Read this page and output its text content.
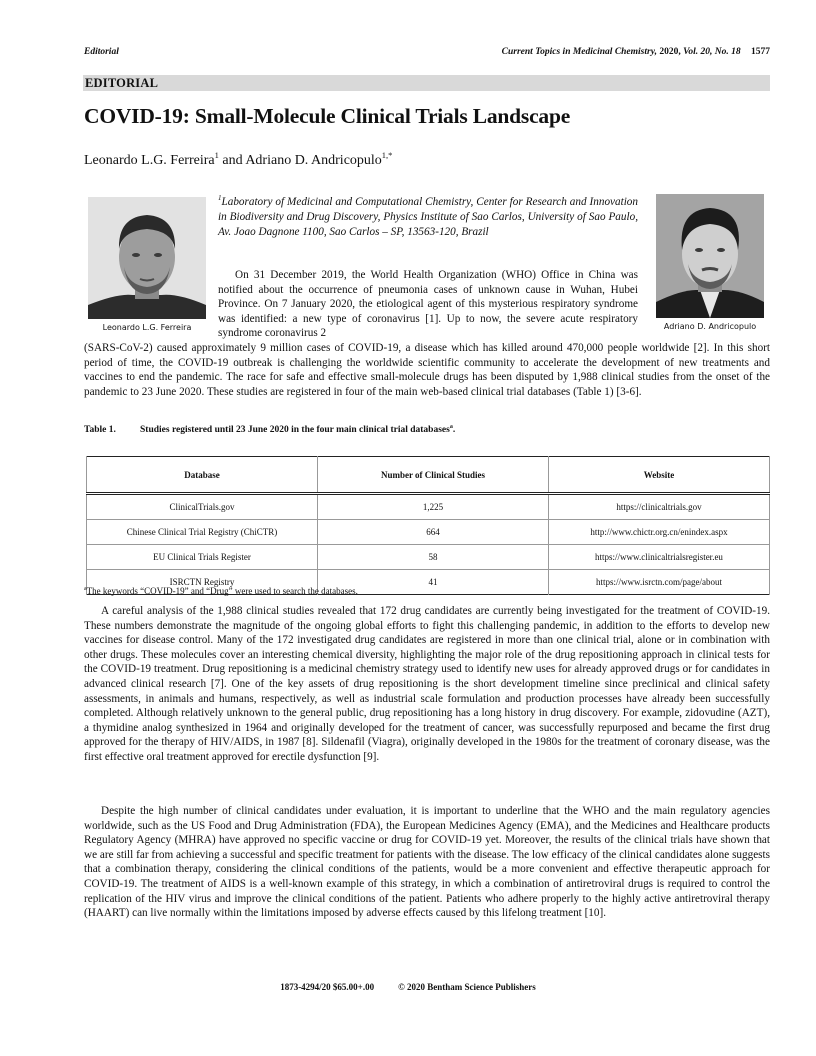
Editorial	Current Topics in Medicinal Chemistry, 2020, Vol. 20, No. 18 1577
EDITORIAL
COVID-19: Small-Molecule Clinical Trials Landscape
Leonardo L.G. Ferreira$^1$ and Adriano D. Andricopulo$^{1,*}$
Leonardo L.G. Ferreira
$^1$Laboratory of Medicinal and Computational Chemistry, Center for Research and Innovation in Biodiversity and Drug Discovery, Physics Institute of Sao Carlos, University of Sao Paulo, Av. Joao Dagnone 1100, Sao Carlos – SP, 13563-120, Brazil
On 31 December 2019, the World Health Organization (WHO) Office in China was notified about the occurrence of pneumonia cases of unknown cause in Wuhan, Hubei Province. On 7 January 2020, the etiological agent of this mysterious respiratory syndrome was identified: a new type of coronavirus [1]. Up to now, the severe acute respiratory syndrome coronavirus 2
Adriano D. Andricopulo
(SARS-CoV-2) caused approximately 9 million cases of COVID-19, a disease which has killed around 470,000 people worldwide [2]. In this short period of time, the COVID-19 outbreak is challenging the worldwide scientific community to accelerate the development of new treatments and vaccines to end the pandemic. The race for safe and effective small-molecule drugs has been disputed by 1,988 clinical studies from the onset of the pandemic to 23 June 2020. These studies are registered in four of the main web-based clinical trial databases (Table 1) [3-6].
Table 1.	Studies registered until 23 June 2020 in the four main clinical trial databases$^a$.
Database	Number of Clinical Studies	Website
ClinicalTrials.gov	1,225	https://clinicaltrials.gov
Chinese Clinical Trial Registry (ChiCTR)	664	http://www.chictr.org.cn/enindex.aspx
EU Clinical Trials Register	58	https://www.clinicaltrialsregister.eu
ISRCTN Registry	41	https://www.isrctn.com/page/about
$^a$The keywords “COVID-19” and “Drug” were used to search the databases.
A careful analysis of the 1,988 clinical studies revealed that 172 drug candidates are currently being investigated for the treatment of COVID-19. These numbers demonstrate the magnitude of the ongoing global efforts to fight this challenging pandemic, in addition to the efforts to develop new vaccines for disease control. Many of the 172 investigated drug candidates are registered in more than one clinical trial, alone or in combination with other drugs. These molecules cover an interesting chemical diversity, highlighting the major role of the drug repositioning approach in clinical tests for the COVID-19 treatment. Drug repositioning is a medicinal chemistry strategy used to identify new uses for already approved drugs or for candidates in advanced clinical research [7]. One of the key assets of drug repositioning is the short development timeline since preclinical and clinical safety assessments, in animals and humans, respectively, as well as industrial scale formulation and production processes have already been successfully completed. Although relatively unknown to the general public, drug repositioning has a long history in drug discovery. For example, zidovudine (AZT), a thymidine analog synthesized in 1964 and originally developed for the treatment of cancer, was successfully repurposed and became the first drug approved for the therapy of HIV/AIDS, in 1987 [8]. Sildenafil (Viagra), originally developed in the 1980s for the treatment of coronary disease, was the first effective oral treatment approved for erectile dysfunction [9].
Despite the high number of clinical candidates under evaluation, it is important to underline that the WHO and the main regulatory agencies worldwide, such as the US Food and Drug Administration (FDA), the European Medicines Agency (EMA), and the Medicines and Healthcare products Regulatory Agency (MHRA) have approved no specific vaccine or drug for COVID-19 yet. Moreover, the results of the clinical trials have shown that we are still far from achieving a successful and specific treatment for patients with the disease. The low efficacy of the clinical candidates alone suggests that a combination therapy, considering the clinical conditions of the patients, would be a more convenient and effective therapeutic approach for COVID-19. The treatment of AIDS is a well-known example of this strategy, in which a combination of antiretroviral drugs is required to control the replication of the HIV virus and improve the clinical conditions of the patient. Patients who adhere properly to the highly active antiretroviral therapy (HAART) can live normally within the limitations imposed by adverse effects caused by this lifelong treatment [10].
1873-4294/20 $65.00+.00	© 2020 Bentham Science Publishers
